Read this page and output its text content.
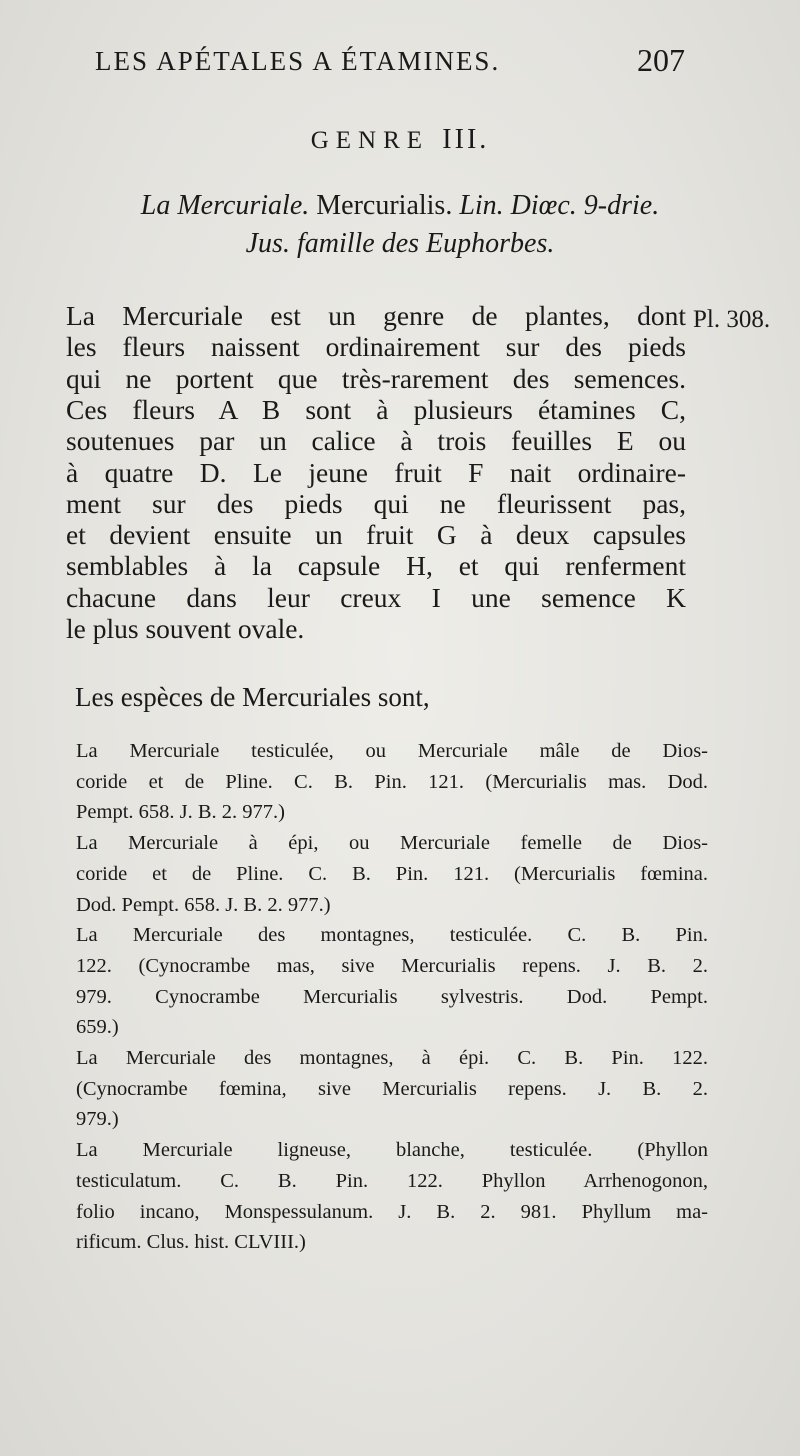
LES APÉTALES A ÉTAMINES.	207
GENRE III.
La Mercuriale. Mercurialis. Lin. Diœc. 9-drie.
Jus. famille des Euphorbes.
Pl. 308.
La Mercuriale est un genre de plantes, dont
les fleurs naissent ordinairement sur des pieds
qui ne portent que très-rarement des semences.
Ces fleurs A B sont à plusieurs étamines C,
soutenues par un calice à trois feuilles E ou
à quatre D. Le jeune fruit F nait ordinaire-
ment sur des pieds qui ne fleurissent pas,
et devient ensuite un fruit G à deux capsules
semblables à la capsule H, et qui renferment
chacune dans leur creux I une semence K
le plus souvent ovale.
Les espèces de Mercuriales sont,
La Mercuriale testiculée, ou Mercuriale mâle de Dios-
coride et de Pline. C. B. Pin. 121. (Mercurialis mas. Dod.
Pempt. 658. J. B. 2. 977.)
La Mercuriale à épi, ou Mercuriale femelle de Dios-
coride et de Pline. C. B. Pin. 121. (Mercurialis fœmina.
Dod. Pempt. 658. J. B. 2. 977.)
La Mercuriale des montagnes, testiculée. C. B. Pin.
122. (Cynocrambe mas, sive Mercurialis repens. J. B. 2.
979. Cynocrambe Mercurialis sylvestris. Dod. Pempt.
659.)
La Mercuriale des montagnes, à épi. C. B. Pin. 122.
(Cynocrambe fœmina, sive Mercurialis repens. J. B. 2.
979.)
La Mercuriale ligneuse, blanche, testiculée. (Phyllon
testiculatum. C. B. Pin. 122. Phyllon Arrhenogonon,
folio incano, Monspessulanum. J. B. 2. 981. Phyllum ma-
rificum. Clus. hist. CLVIII.)
